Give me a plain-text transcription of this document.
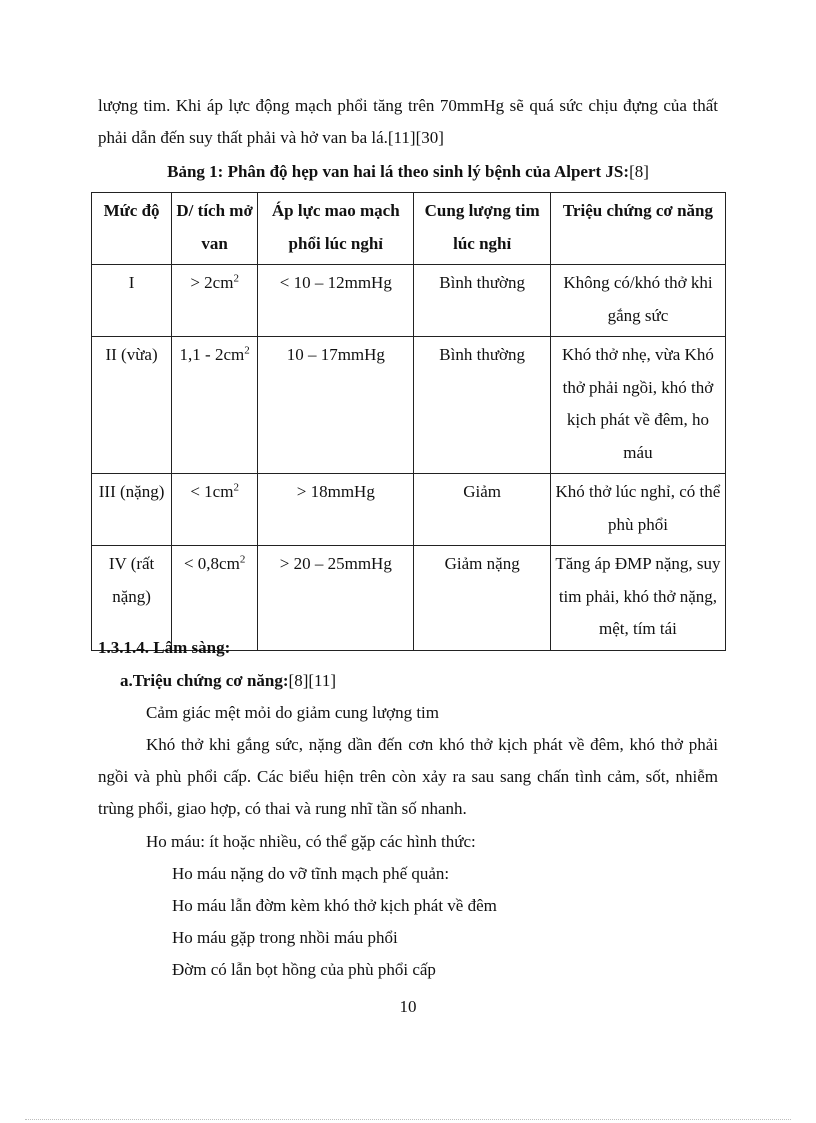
lượng tim. Khi áp lực động mạch phổi tăng trên 70mmHg sẽ quá sức chịu đựng của thất phải dẫn đến suy thất phải và hở van ba lá.[11][30]
Bảng 1: Phân độ hẹp van hai lá theo sinh lý bệnh của Alpert JS:[8]
Mức độ	D/ tích mở van	Áp lực mao mạch phổi lúc nghỉ	Cung lượng tim lúc nghỉ	Triệu chứng cơ năng
I	> $2cm^2$	< 10 – 12mmHg	Bình thường	Không có/khó thở khi gắng sức
II (vừa)	$1,1 - 2cm^2$	10 – 17mmHg	Bình thường	Khó thở nhẹ, vừa Khó thở phải ngồi, khó thở kịch phát về đêm, ho máu
III (nặng)	< $1cm^2$	> 18mmHg	Giảm	Khó thở lúc nghỉ, có thể phù phổi
IV (rất nặng)	< $0,8cm^2$	> 20 – 25mmHg	Giảm nặng	Tăng áp ĐMP nặng, suy tim phải, khó thở nặng, mệt, tím tái
1.3.1.4. Lâm sàng:
a.Triệu chứng cơ năng:[8][11]
Cảm giác mệt mỏi do giảm cung lượng tim
Khó thở khi gắng sức, nặng dần đến cơn khó thở kịch phát về đêm, khó thở phải ngồi và phù phổi cấp. Các biểu hiện trên còn xảy ra sau sang chấn tình cảm, sốt, nhiễm trùng phổi, giao hợp, có thai và rung nhĩ tần số nhanh.
Ho máu: ít hoặc nhiều, có thể gặp các hình thức:
Ho máu nặng do vỡ tĩnh mạch phế quản:
Ho máu lẫn đờm kèm khó thở kịch phát về đêm
Ho máu gặp trong nhồi máu phổi
Đờm có lẫn bọt hồng của phù phổi cấp
10
